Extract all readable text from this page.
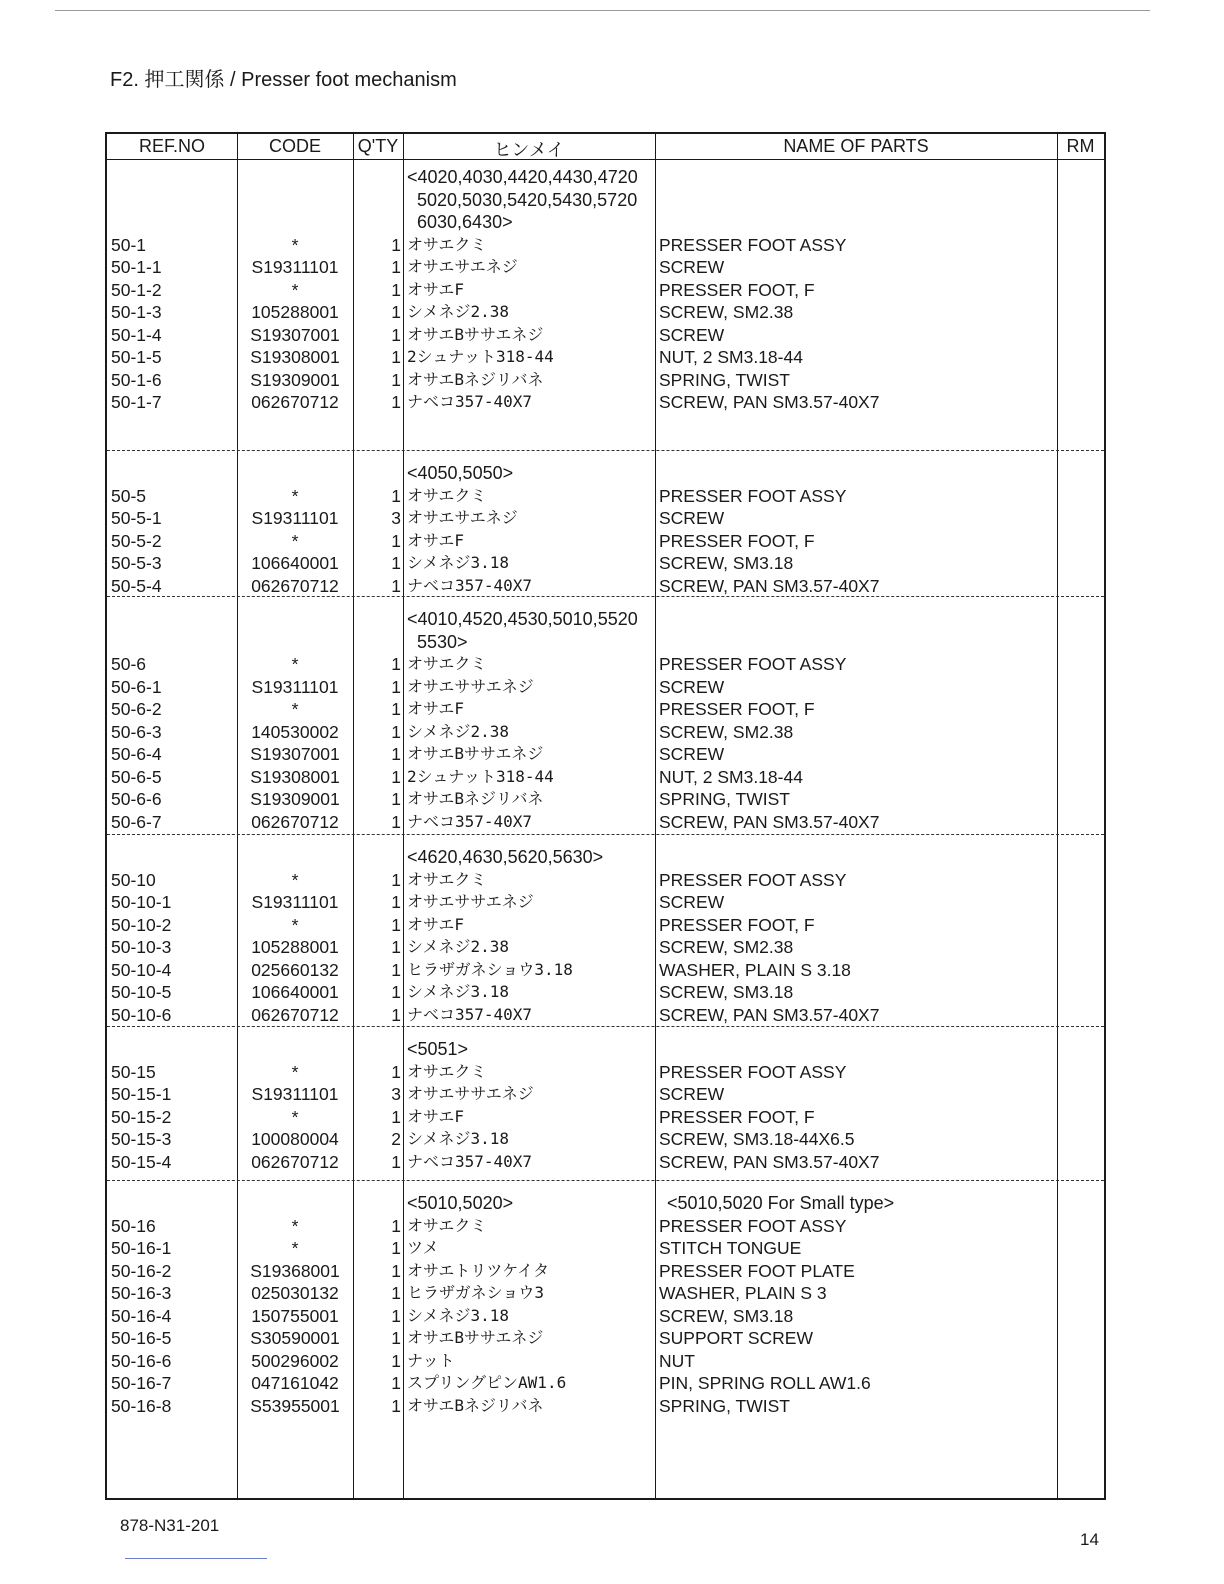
F2. 押工関係 / Presser foot mechanism
REF.NO	CODE	Q'TY	ヒンメイ	NAME OF PARTS	RM
<4020,4030,4420,4430,4720
5020,5030,5420,5430,5720
6030,6430>
50-1	*	1 オサエクミ	PRESSER FOOT ASSY
50-1-1	S19311101	1 オサエサエネジ	SCREW
50-1-2	*	1 オサエF	PRESSER FOOT, F
50-1-3	105288001	1 シメネジ2.38	SCREW, SM2.38
50-1-4	S19307001	1 オサエBササエネジ	SCREW
50-1-5	S19308001	1 2シュナット318-44	NUT, 2 SM3.18-44
50-1-6	S19309001	1 オサエBネジリバネ	SPRING, TWIST
50-1-7	062670712	1 ナベコ357-40X7	SCREW, PAN SM3.57-40X7
<4050,5050>
50-5	*	1 オサエクミ	PRESSER FOOT ASSY
50-5-1	S19311101	3 オサエサエネジ	SCREW
50-5-2	*	1 オサエF	PRESSER FOOT, F
50-5-3	106640001	1 シメネジ3.18	SCREW, SM3.18
50-5-4	062670712	1 ナベコ357-40X7	SCREW, PAN SM3.57-40X7
<4010,4520,4530,5010,5520
5530>
50-6	*	1 オサエクミ	PRESSER FOOT ASSY
50-6-1	S19311101	1 オサエササエネジ	SCREW
50-6-2	*	1 オサエF	PRESSER FOOT, F
50-6-3	140530002	1 シメネジ2.38	SCREW, SM2.38
50-6-4	S19307001	1 オサエBササエネジ	SCREW
50-6-5	S19308001	1 2シュナット318-44	NUT, 2 SM3.18-44
50-6-6	S19309001	1 オサエBネジリバネ	SPRING, TWIST
50-6-7	062670712	1 ナベコ357-40X7	SCREW, PAN SM3.57-40X7
<4620,4630,5620,5630>
50-10	*	1 オサエクミ	PRESSER FOOT ASSY
50-10-1	S19311101	1 オサエササエネジ	SCREW
50-10-2	*	1 オサエF	PRESSER FOOT, F
50-10-3	105288001	1 シメネジ2.38	SCREW, SM2.38
50-10-4	025660132	1 ヒラザガネショウ3.18	WASHER, PLAIN S 3.18
50-10-5	106640001	1 シメネジ3.18	SCREW, SM3.18
50-10-6	062670712	1 ナベコ357-40X7	SCREW, PAN SM3.57-40X7
<5051>
50-15	*	1 オサエクミ	PRESSER FOOT ASSY
50-15-1	S19311101	3 オサエササエネジ	SCREW
50-15-2	*	1 オサエF	PRESSER FOOT, F
50-15-3	100080004	2 シメネジ3.18	SCREW, SM3.18-44X6.5
50-15-4	062670712	1 ナベコ357-40X7	SCREW, PAN SM3.57-40X7
<5010,5020>	<5010,5020 For Small type>
50-16	*	1 オサエクミ	PRESSER FOOT ASSY
50-16-1	*	1 ツメ	STITCH TONGUE
50-16-2	S19368001	1 オサエトリツケイタ	PRESSER FOOT PLATE
50-16-3	025030132	1 ヒラザガネショウ3	WASHER, PLAIN S 3
50-16-4	150755001	1 シメネジ3.18	SCREW, SM3.18
50-16-5	S30590001	1 オサエBササエネジ	SUPPORT SCREW
50-16-6	500296002	1 ナット	NUT
50-16-7	047161042	1 スプリングピンAW1.6	PIN, SPRING ROLL AW1.6
50-16-8	S53955001	1 オサエBネジリバネ	SPRING, TWIST
878-N31-201
14
